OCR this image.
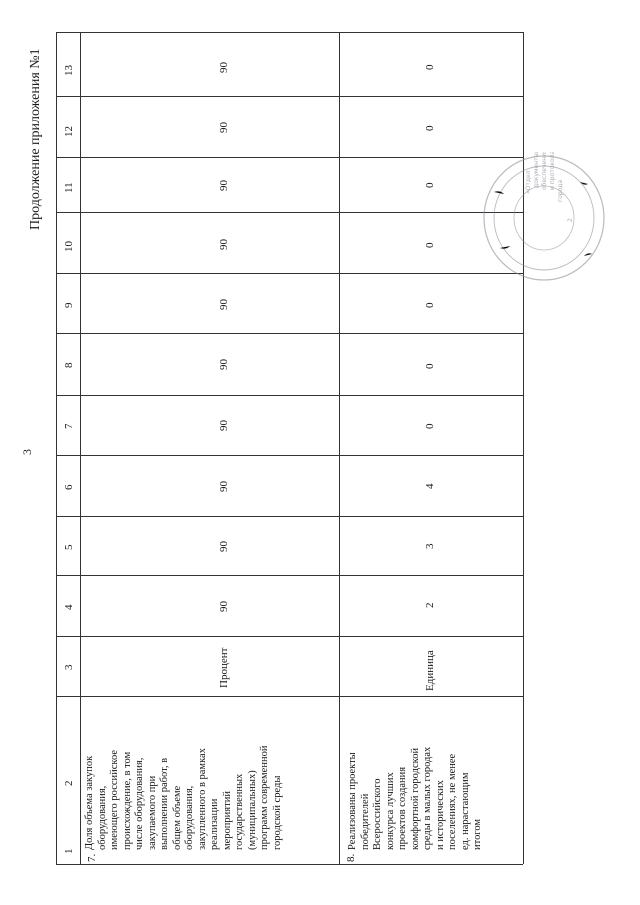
3
Продолжение приложения №1
1
2
3
4
5
6
7
8
9
10
11
12
13
7.
Доля объема закупок оборудования, имеющего российское происхождение, в том числе оборудования, закупаемого при выполнении работ, в общем объеме оборудования, закупленного в рамках реализации мероприятий государственных (муниципальных) программ современной городской среды
Процент
90
90
90
90
90
90
90
90
90
90
8.
Реализованы проекты победителей Всероссийского конкурса лучших проектов создания комфортной городской среды в малых городах и исторических поселениях, не менее ед. нарастающим итогом
Единица
2
3
4
0
0
0
0
0
0
0
«Отдел документационного обеспечения и протокола»
города
2
